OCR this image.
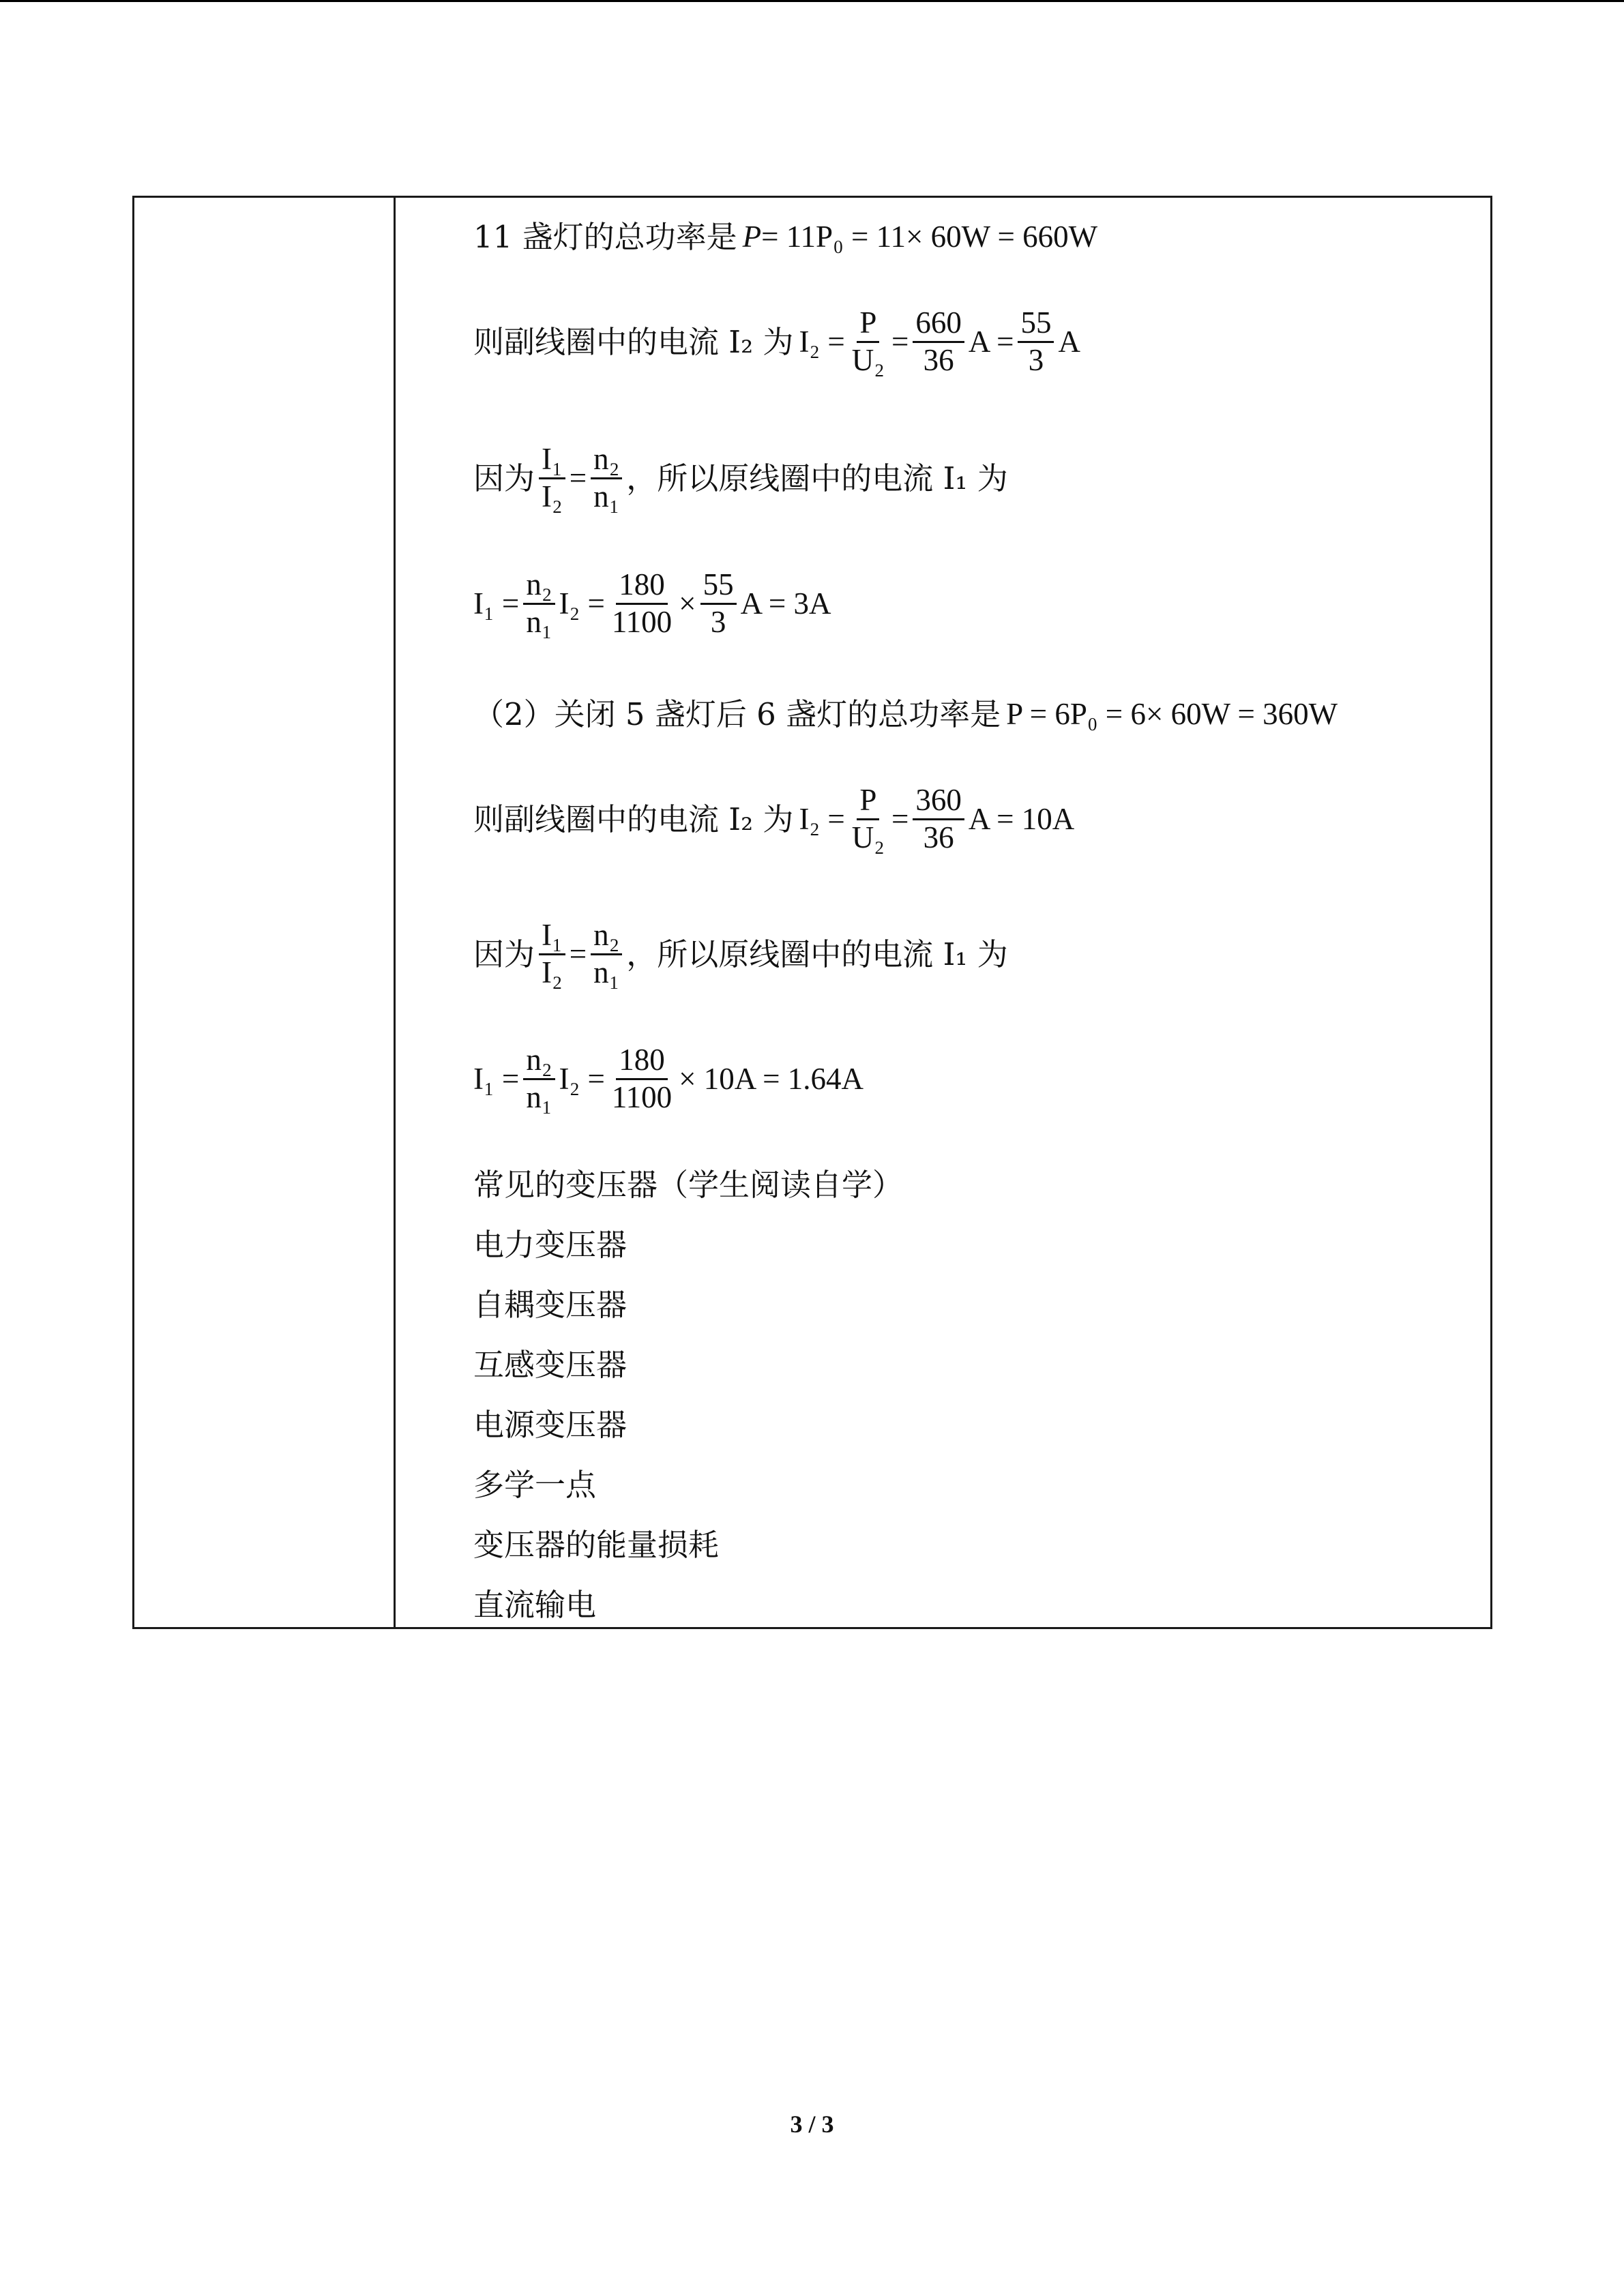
11 盏灯的总功率是 P = 11P₀ = 11× 60W = 660W
则副线圈中的电流 I₂ 为 $I_2 = \frac{P}{\text{U₂}} = \frac{660}{36}$ $A = \frac{55}{3}$ A
因为 $\frac{\text{I₁}}{\text{I₂}} = \frac{\text{n₂}}{\text{n₁}}$ ，所以原线圈中的电流 I₁ 为
$I_1 = \frac{\text{n₂}}{\text{n₁}} I_2 = \frac{180}{1100} \times \frac{55}{3}$ A = 3A
（2）关闭 5 盏灯后 6 盏灯的总功率是 P = 6P₀ = 6× 60W = 360W
则副线圈中的电流 I₂ 为 $I_2 = \frac{P}{\text{U₂}} = \frac{360}{36}$ A = 10A
因为 $\frac{\text{I₁}}{\text{I₂}} = \frac{\text{n₂}}{\text{n₁}}$ ，所以原线圈中的电流 I₁ 为
$I_1 = \frac{\text{n₂}}{\text{n₁}} I_2 = \frac{180}{1100} \times 10A = 1.64A$
常见的变压器（学生阅读自学）
电力变压器
自耦变压器
互感变压器
电源变压器
多学一点
变压器的能量损耗
直流输电
3 / 3
